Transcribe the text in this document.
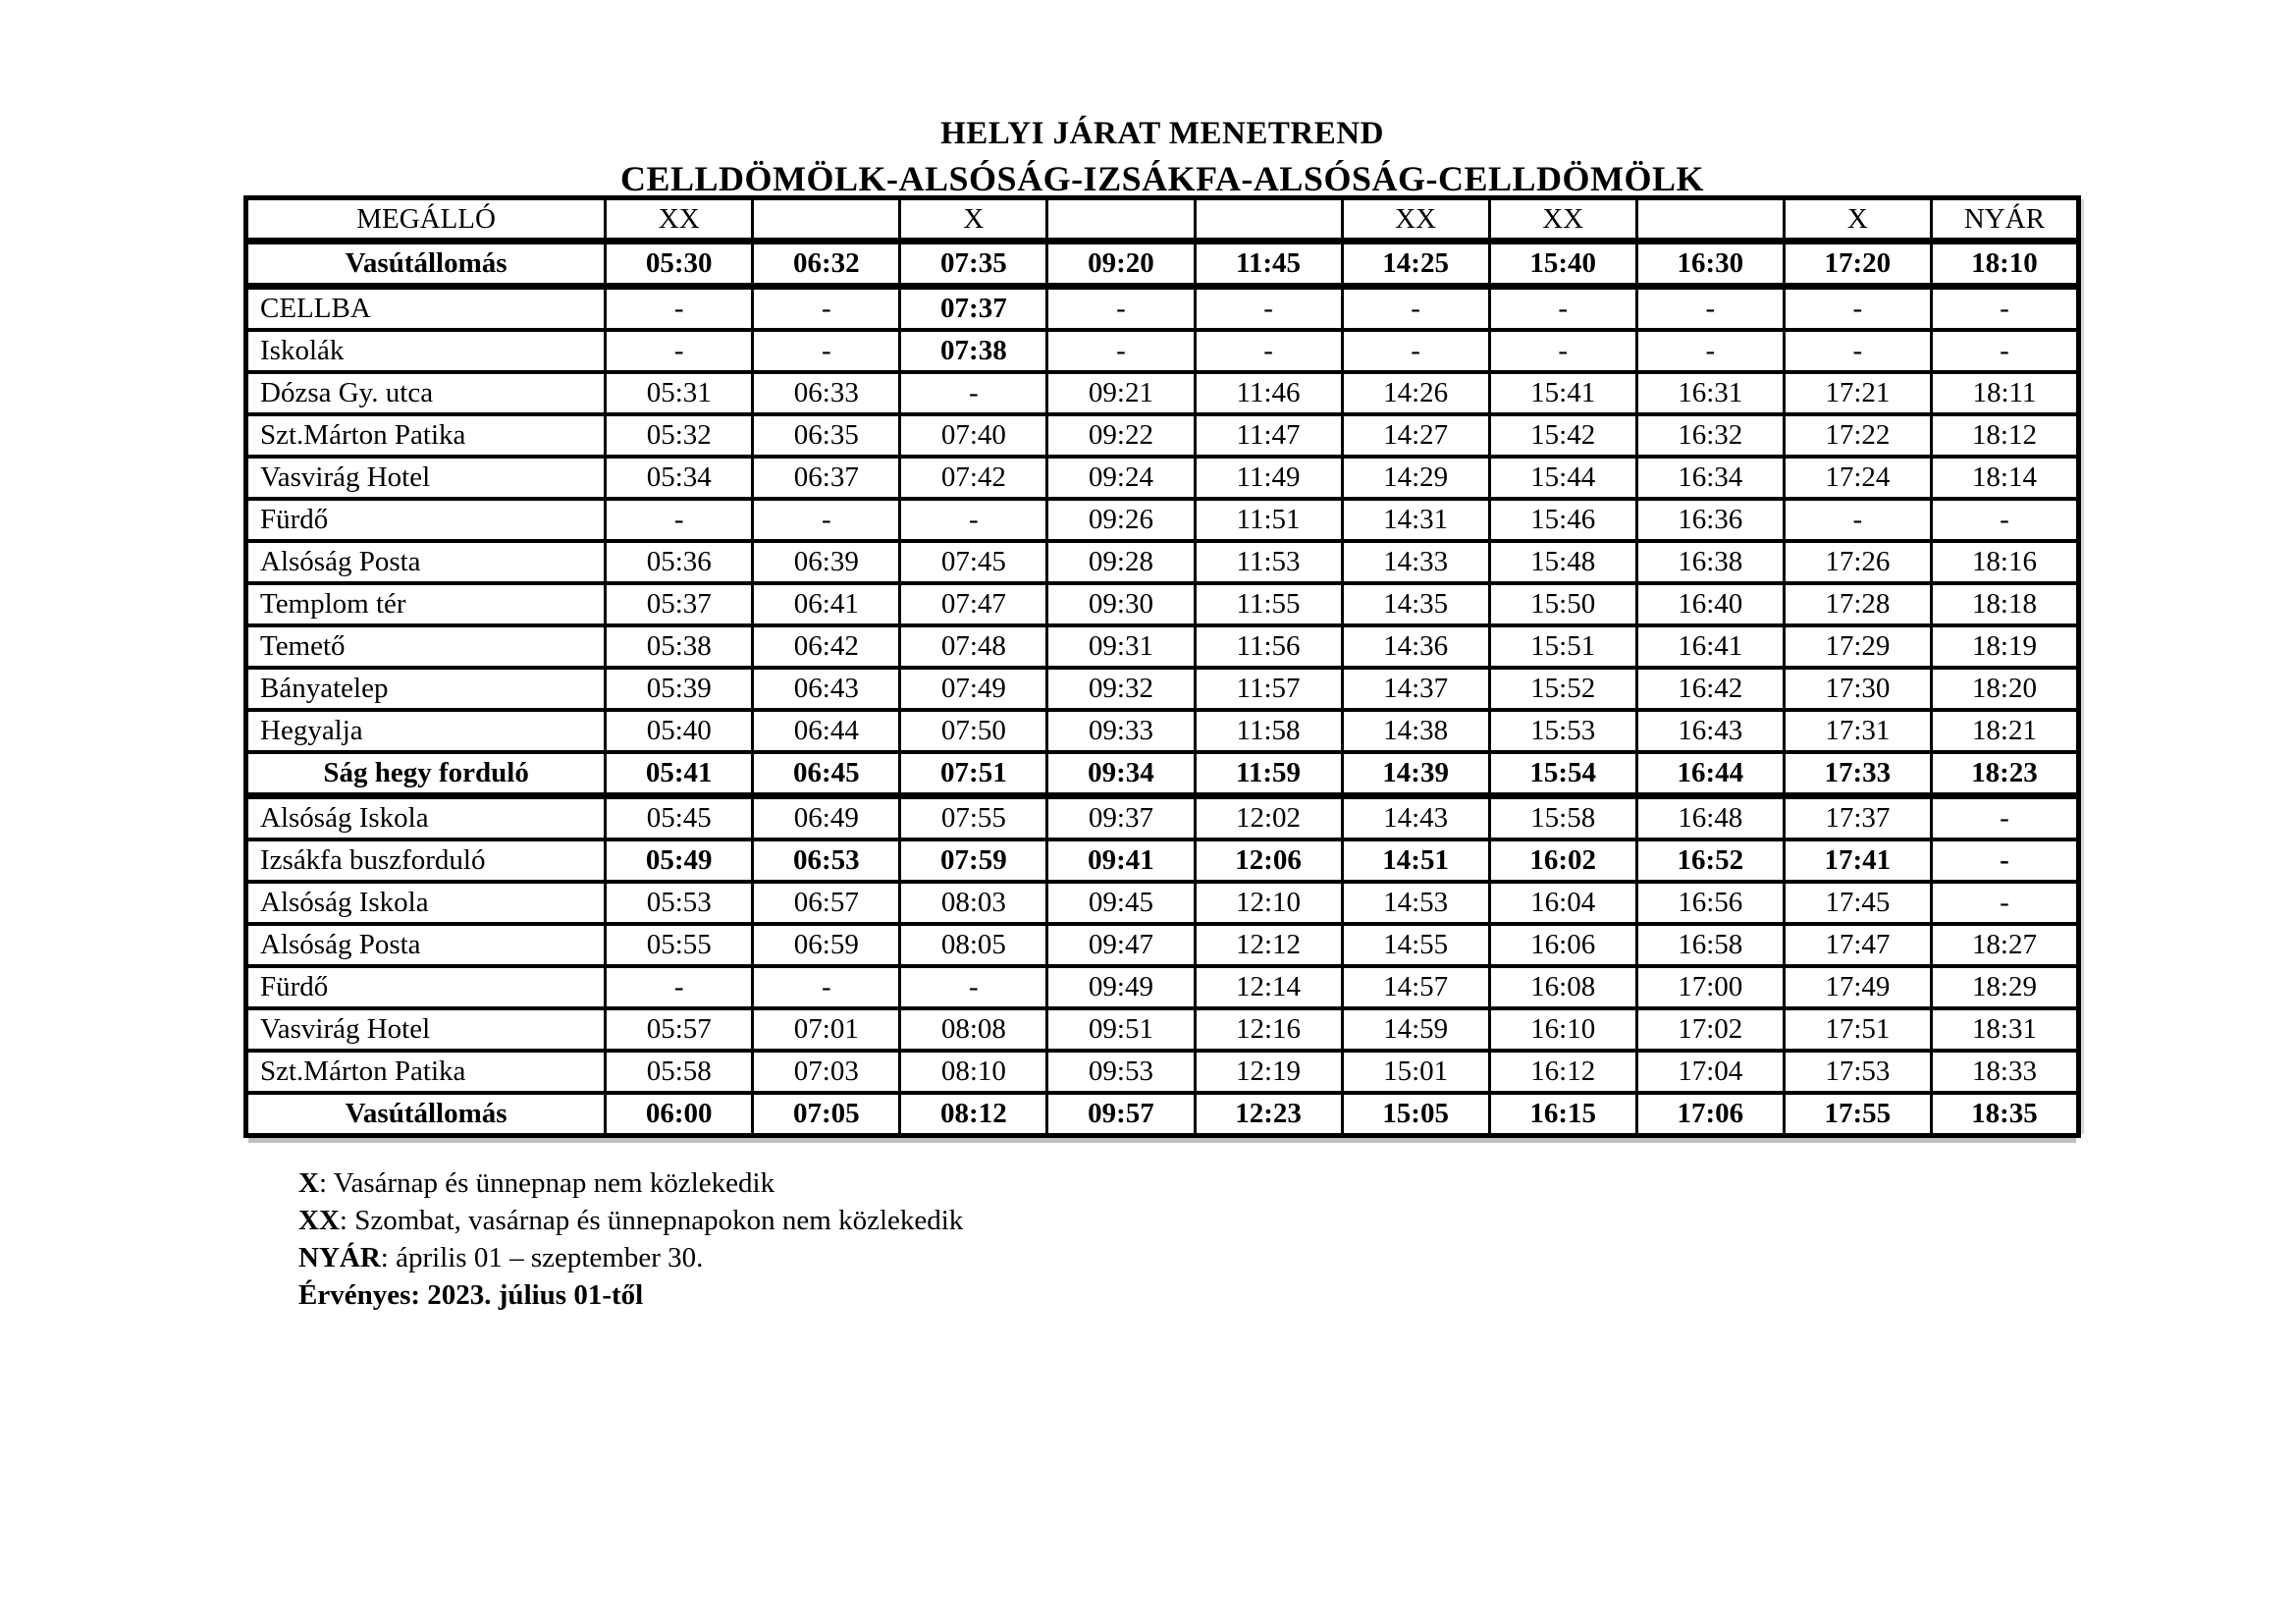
HELYI JÁRAT MENETREND
CELLDÖMÖLK-ALSÓSÁG-IZSÁKFA-ALSÓSÁG-CELLDÖMÖLK
MEGÁLLÓ	XX		X			XX	XX		X	NYÁR
Vasútállomás	05:30	06:32	07:35	09:20	11:45	14:25	15:40	16:30	17:20	18:10
CELLBA	-	-	07:37	-	-	-	-	-	-	-
Iskolák	-	-	07:38	-	-	-	-	-	-	-
Dózsa Gy. utca	05:31	06:33	-	09:21	11:46	14:26	15:41	16:31	17:21	18:11
Szt.Márton Patika	05:32	06:35	07:40	09:22	11:47	14:27	15:42	16:32	17:22	18:12
Vasvirág Hotel	05:34	06:37	07:42	09:24	11:49	14:29	15:44	16:34	17:24	18:14
Fürdő	-	-	-	09:26	11:51	14:31	15:46	16:36	-	-
Alsóság Posta	05:36	06:39	07:45	09:28	11:53	14:33	15:48	16:38	17:26	18:16
Templom tér	05:37	06:41	07:47	09:30	11:55	14:35	15:50	16:40	17:28	18:18
Temető	05:38	06:42	07:48	09:31	11:56	14:36	15:51	16:41	17:29	18:19
Bányatelep	05:39	06:43	07:49	09:32	11:57	14:37	15:52	16:42	17:30	18:20
Hegyalja	05:40	06:44	07:50	09:33	11:58	14:38	15:53	16:43	17:31	18:21
Ság hegy forduló	05:41	06:45	07:51	09:34	11:59	14:39	15:54	16:44	17:33	18:23
Alsóság Iskola	05:45	06:49	07:55	09:37	12:02	14:43	15:58	16:48	17:37	-
Izsákfa buszforduló	05:49	06:53	07:59	09:41	12:06	14:51	16:02	16:52	17:41	-
Alsóság Iskola	05:53	06:57	08:03	09:45	12:10	14:53	16:04	16:56	17:45	-
Alsóság Posta	05:55	06:59	08:05	09:47	12:12	14:55	16:06	16:58	17:47	18:27
Fürdő	-	-	-	09:49	12:14	14:57	16:08	17:00	17:49	18:29
Vasvirág Hotel	05:57	07:01	08:08	09:51	12:16	14:59	16:10	17:02	17:51	18:31
Szt.Márton Patika	05:58	07:03	08:10	09:53	12:19	15:01	16:12	17:04	17:53	18:33
Vasútállomás	06:00	07:05	08:12	09:57	12:23	15:05	16:15	17:06	17:55	18:35
X: Vasárnap és ünnepnap nem közlekedik
XX: Szombat, vasárnap és ünnepnapokon nem közlekedik
NYÁR: április 01 – szeptember 30.
Érvényes: 2023. július 01-től
